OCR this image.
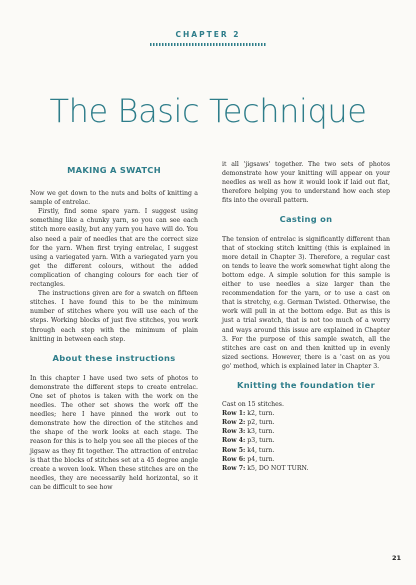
CHAPTER 2
The Basic Technique
MAKING A SWATCH

Now we get down to the nuts and bolts of knitting a sample of entrelac.

Firstly, find some spare yarn. I suggest using something like a chunky yarn, so you can see each stitch more easily, but any yarn you have will do. You also need a pair of needles that are the correct size for the yarn. When first trying entrelac, I suggest using a variegated yarn. With a variegated yarn you get the different colours, without the added complication of changing colours for each tier of rectangles.

The instructions given are for a swatch on fifteen stitches. I have found this to be the minimum number of stitches where you will use each of the steps. Working blocks of just five stitches, you work through each step with the minimum of plain knitting in between each step.

About these instructions

In this chapter I have used two sets of photos to demonstrate the different steps to create entrelac. One set of photos is taken with the work on the needles. The other set shows the work off the needles; here I have pinned the work out to demonstrate how the direction of the stitches and the shape of the work looks at each stage. The reason for this is to help you see all the pieces of the jigsaw as they fit together. The attraction of entrelac is that the blocks of stitches set at a 45 degree angle create a woven look. When these stitches are on the needles, they are necessarily held horizontal, so it can be difficult to see how

it all 'jigsaws' together. The two sets of photos demonstrate how your knitting will appear on your needles as well as how it would look if laid out flat, therefore helping you to understand how each step fits into the overall pattern.

Casting on

The tension of entrelac is significantly different than that of stocking stitch knitting (this is explained in more detail in Chapter 3). Therefore, a regular cast on tends to leave the work somewhat tight along the bottom edge. A simple solution for this sample is either to use needles a size larger than the recommendation for the yarn, or to use a cast on that is stretchy, e.g. German Twisted. Otherwise, the work will pull in at the bottom edge. But as this is just a trial swatch, that is not too much of a worry and ways around this issue are explained in Chapter 3. For the purpose of this sample swatch, all the stitches are cast on and then knitted up in evenly sized sections. However, there is a 'cast on as you go' method, which is explained later in Chapter 3.

Knitting the foundation tier
Cast on 15 stitches.
Row 1: k2, turn.
Row 2: p2, turn.
Row 3: k3, turn.
Row 4: p3, turn.
Row 5: k4, turn.
Row 6: p4, turn.
Row 7: k5, DO NOT TURN.
21
